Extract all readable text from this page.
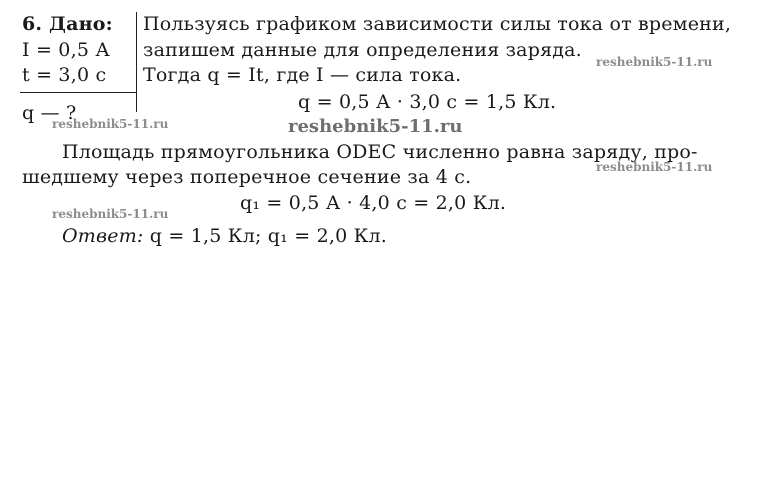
6. Дано:
I = 0,5 А
t = 3,0 с
q — ?
Пользуясь графиком зависимости силы тока от времени,
запишем данные для определения заряда.
Тогда q = It, где I — сила тока.
q = 0,5 А · 3,0 с = 1,5 Кл.
Площадь прямоугольника ODEC численно равна заряду, про-
шедшему через поперечное сечение за 4 с.
q₁ = 0,5 А · 4,0 с = 2,0 Кл.
Ответ: q = 1,5 Кл; q₁ = 2,0 Кл.
reshebnik5-11.ru
reshebnik5-11.ru	reshebnik5-11.ru
reshebnik5-11.ru
reshebnik5-11.ru
